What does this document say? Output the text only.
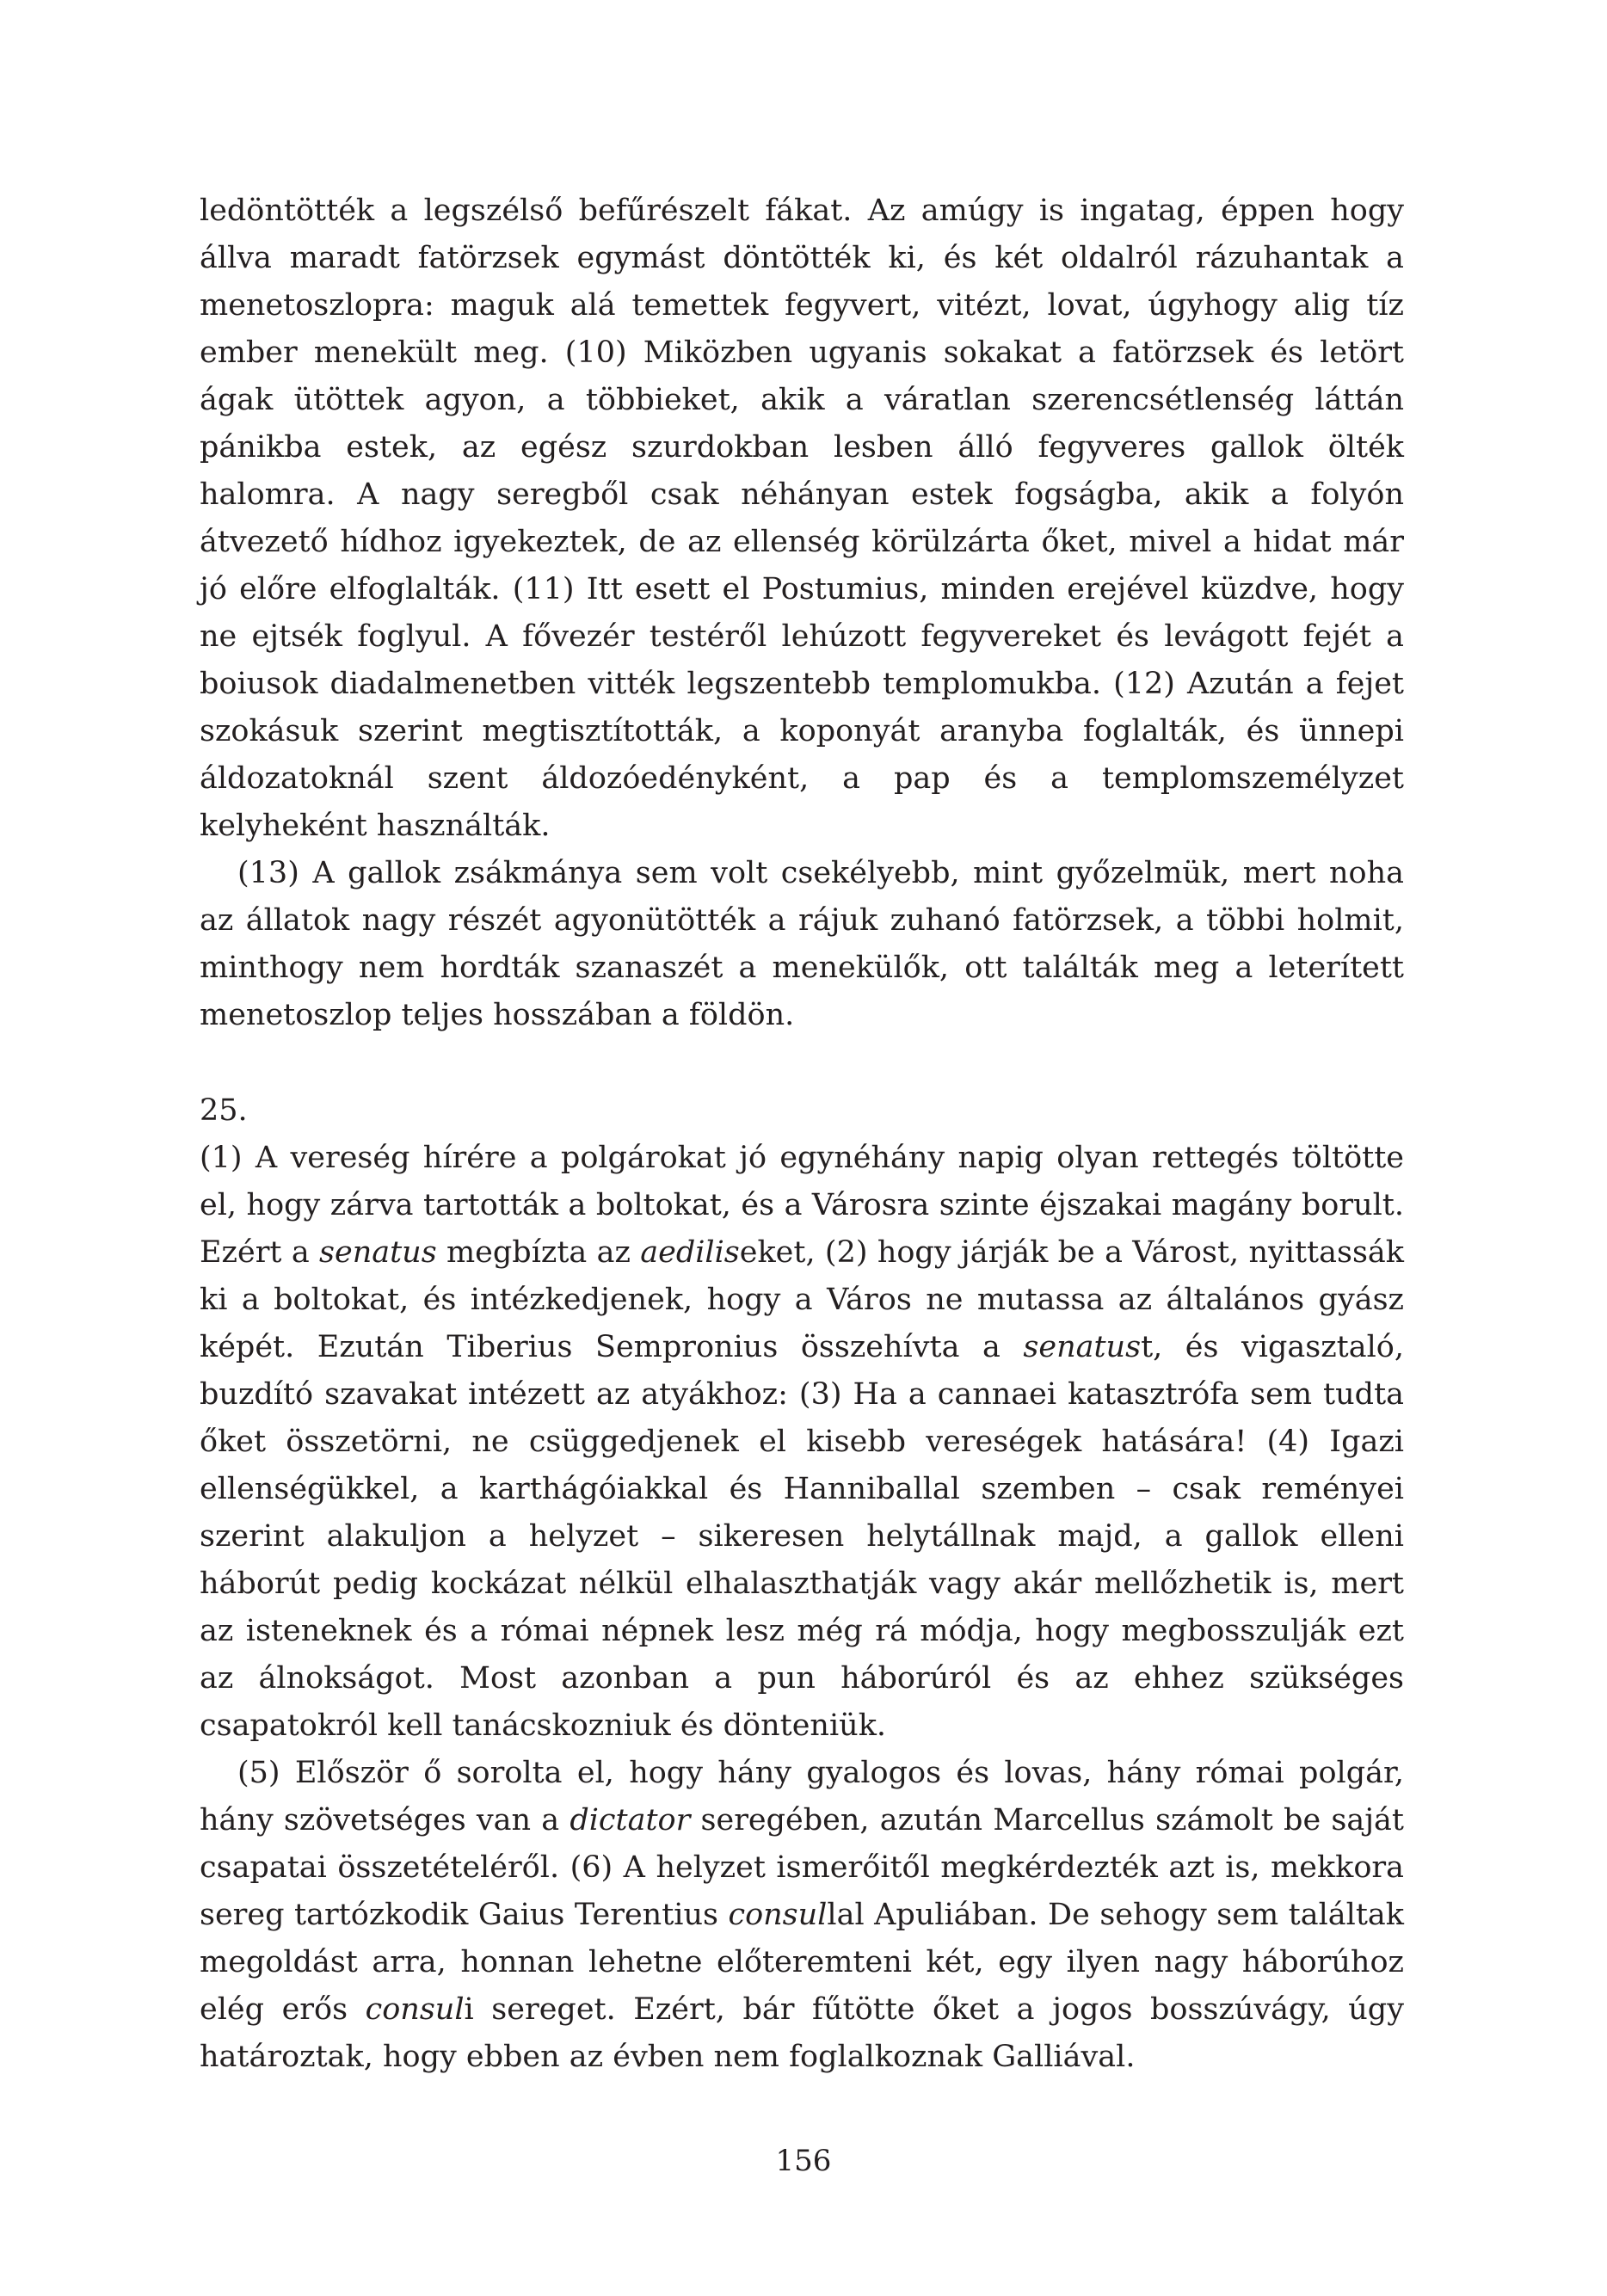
ledöntötték a legszélső befűrészelt fákat. Az amúgy is ingatag, éppen hogy állva maradt fatörzsek egymást döntötték ki, és két oldalról rázuhantak a menetoszlopra: maguk alá temettek fegyvert, vitézt, lovat, úgyhogy alig tíz ember menekült meg. (10) Miközben ugyanis sokakat a fatörzsek és letört ágak ütöttek agyon, a többieket, akik a váratlan szerencsétlenség láttán pánikba estek, az egész szurdokban lesben álló fegyveres gallok ölték halomra. A nagy seregből csak néhányan estek fogságba, akik a folyón átvezető hídhoz igyekeztek, de az ellenség körülzárta őket, mivel a hidat már jó előre elfoglalták. (11) Itt esett el Postumius, minden erejével küzdve, hogy ne ejtsék foglyul. A fővezér testéről lehúzott fegyvereket és levágott fejét a boiusok diadalmenetben vitték legszentebb templomukba. (12) Azután a fejet szokásuk szerint megtisztították, a koponyát aranyba foglalták, és ünnepi áldozatoknál szent áldozóedényként, a pap és a templomszemélyzet kelyheként használták.

(13) A gallok zsákmánya sem volt csekélyebb, mint győzelmük, mert noha az állatok nagy részét agyonütötték a rájuk zuhanó fatörzsek, a többi holmit, minthogy nem hordták szanaszét a menekülők, ott találták meg a leterített menetoszlop teljes hosszában a földön.

25.

(1) A vereség hírére a polgárokat jó egynéhány napig olyan rettegés töltötte el, hogy zárva tartották a boltokat, és a Városra szinte éjszakai magány borult. Ezért a senatus megbízta az aediliseket, (2) hogy járják be a Várost, nyittassák ki a boltokat, és intézkedjenek, hogy a Város ne mutassa az általános gyász képét. Ezután Tiberius Sempronius összehívta a senatust, és vigasztaló, buzdító szavakat intézett az atyákhoz: (3) Ha a cannaei katasztrófa sem tudta őket összetörni, ne csüggedjenek el kisebb vereségek hatására! (4) Igazi ellenségükkel, a karthágóiakkal és Hanniballal szemben – csak reményei szerint alakuljon a helyzet – sikeresen helytállnak majd, a gallok elleni háborút pedig kockázat nélkül elhalaszthatják vagy akár mellőzhetik is, mert az isteneknek és a római népnek lesz még rá módja, hogy megbosszulják ezt az álnokságot. Most azonban a pun háborúról és az ehhez szükséges csapatokról kell tanácskozniuk és dönteniük.

(5) Először ő sorolta el, hogy hány gyalogos és lovas, hány római polgár, hány szövetséges van a dictator seregében, azután Marcellus számolt be saját csapatai összetételéről. (6) A helyzet ismerőitől megkérdezték azt is, mekkora sereg tartózkodik Gaius Terentius consullal Apuliában. De sehogy sem találtak megoldást arra, honnan lehetne előteremteni két, egy ilyen nagy háborúhoz elég erős consuli sereget. Ezért, bár fűtötte őket a jogos bosszúvágy, úgy határoztak, hogy ebben az évben nem foglalkoznak Galliával.

156
